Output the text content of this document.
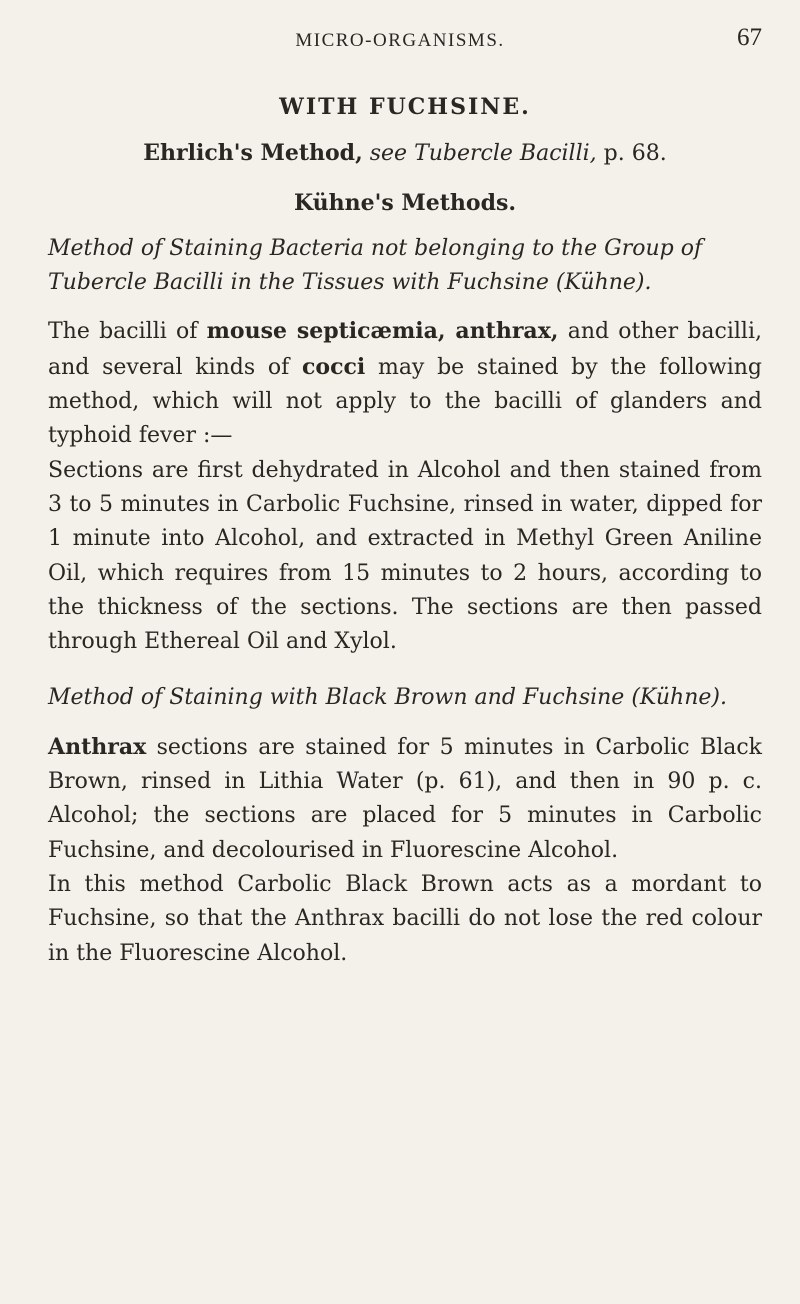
MICRO-ORGANISMS.	67

WITH FUCHSINE.

Ehrlich's Method, see Tubercle Bacilli, p. 68.

Kühne's Methods.

Method of Staining Bacteria not belonging to the Group of Tubercle Bacilli in the Tissues with Fuchsine (Kühne).

The bacilli of mouse septicæmia, anthrax, and other bacilli, and several kinds of cocci may be stained by the following method, which will not apply to the bacilli of glanders and typhoid fever :—

Sections are first dehydrated in Alcohol and then stained from 3 to 5 minutes in Carbolic Fuchsine, rinsed in water, dipped for 1 minute into Alcohol, and extracted in Methyl Green Aniline Oil, which requires from 15 minutes to 2 hours, according to the thickness of the sections. The sections are then passed through Ethereal Oil and Xylol.

Method of Staining with Black Brown and Fuchsine (Kühne).

Anthrax sections are stained for 5 minutes in Carbolic Black Brown, rinsed in Lithia Water (p. 61), and then in 90 p. c. Alcohol; the sections are placed for 5 minutes in Carbolic Fuchsine, and decolourised in Fluorescine Alcohol.

In this method Carbolic Black Brown acts as a mordant to Fuchsine, so that the Anthrax bacilli do not lose the red colour in the Fluorescine Alcohol.
